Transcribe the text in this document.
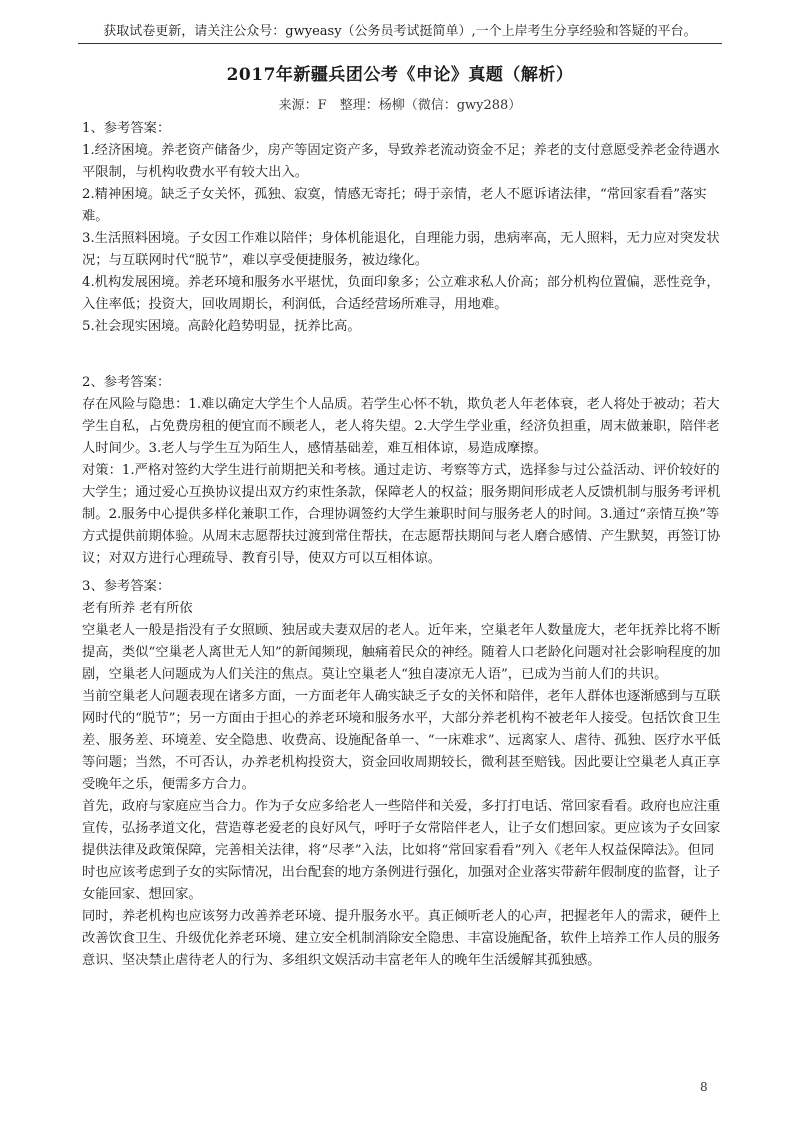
获取试卷更新，请关注公众号：gwyeasy（公务员考试挺简单）,一个上岸考生分享经验和答疑的平台。
2017年新疆兵团公考《申论》真题（解析）
来源：F　整理：杨柳（微信：gwy288）

1、参考答案：

1.经济困境。养老资产储备少，房产等固定资产多，导致养老流动资金不足；养老的支付意愿受养老金待遇水平限制，与机构收费水平有较大出入。

2.精神困境。缺乏子女关怀，孤独、寂寞，情感无寄托；碍于亲情，老人不愿诉诸法律，“常回家看看”落实难。

3.生活照料困境。子女因工作难以陪伴；身体机能退化，自理能力弱，患病率高，无人照料，无力应对突发状况；与互联网时代“脱节”，难以享受便捷服务，被边缘化。

4.机构发展困境。养老环境和服务水平堪忧，负面印象多；公立难求私人价高；部分机构位置偏，恶性竞争，入住率低；投资大，回收周期长，利润低，合适经营场所难寻，用地难。

5.社会现实困境。高龄化趋势明显，抚养比高。

2、参考答案：

存在风险与隐患：1.难以确定大学生个人品质。若学生心怀不轨，欺负老人年老体衰，老人将处于被动；若大学生自私，占免费房租的便宜而不顾老人，老人将失望。2.大学生学业重，经济负担重，周末做兼职，陪伴老人时间少。3.老人与学生互为陌生人，感情基础差，难互相体谅，易造成摩擦。

对策：1.严格对签约大学生进行前期把关和考核。通过走访、考察等方式，选择参与过公益活动、评价较好的大学生；通过爱心互换协议提出双方约束性条款，保障老人的权益；服务期间形成老人反馈机制与服务考评机制。2.服务中心提供多样化兼职工作，合理协调签约大学生兼职时间与服务老人的时间。3.通过“亲情互换”等方式提供前期体验。从周末志愿帮扶过渡到常住帮扶，在志愿帮扶期间与老人磨合感情、产生默契，再签订协议；对双方进行心理疏导、教育引导，使双方可以互相体谅。

3、参考答案：

老有所养 老有所依

空巢老人一般是指没有子女照顾、独居或夫妻双居的老人。近年来，空巢老年人数量庞大，老年抚养比将不断提高，类似“空巢老人离世无人知”的新闻频现，触痛着民众的神经。随着人口老龄化问题对社会影响程度的加剧，空巢老人问题成为人们关注的焦点。莫让空巢老人“独自凄凉无人语”，已成为当前人们的共识。

当前空巢老人问题表现在诸多方面，一方面老年人确实缺乏子女的关怀和陪伴，老年人群体也逐渐感到与互联网时代的“脱节”；另一方面由于担心的养老环境和服务水平，大部分养老机构不被老年人接受。包括饮食卫生差、服务差、环境差、安全隐患、收费高、设施配备单一、“一床难求”、远离家人、虐待、孤独、医疗水平低等问题；当然，不可否认，办养老机构投资大，资金回收周期较长，微利甚至赔钱。因此要让空巢老人真正享受晚年之乐，便需多方合力。

首先，政府与家庭应当合力。作为子女应多给老人一些陪伴和关爱，多打打电话、常回家看看。政府也应注重宣传，弘扬孝道文化，营造尊老爱老的良好风气，呼吁子女常陪伴老人，让子女们想回家。更应该为子女回家提供法律及政策保障，完善相关法律，将“尽孝”入法，比如将“常回家看看”列入《老年人权益保障法》。但同时也应该考虑到子女的实际情况，出台配套的地方条例进行强化，加强对企业落实带薪年假制度的监督，让子女能回家、想回家。

同时，养老机构也应该努力改善养老环境、提升服务水平。真正倾听老人的心声，把握老年人的需求，硬件上改善饮食卫生、升级优化养老环境、建立安全机制消除安全隐患、丰富设施配备，软件上培养工作人员的服务意识、坚决禁止虐待老人的行为、多组织文娱活动丰富老年人的晚年生活缓解其孤独感。

8
